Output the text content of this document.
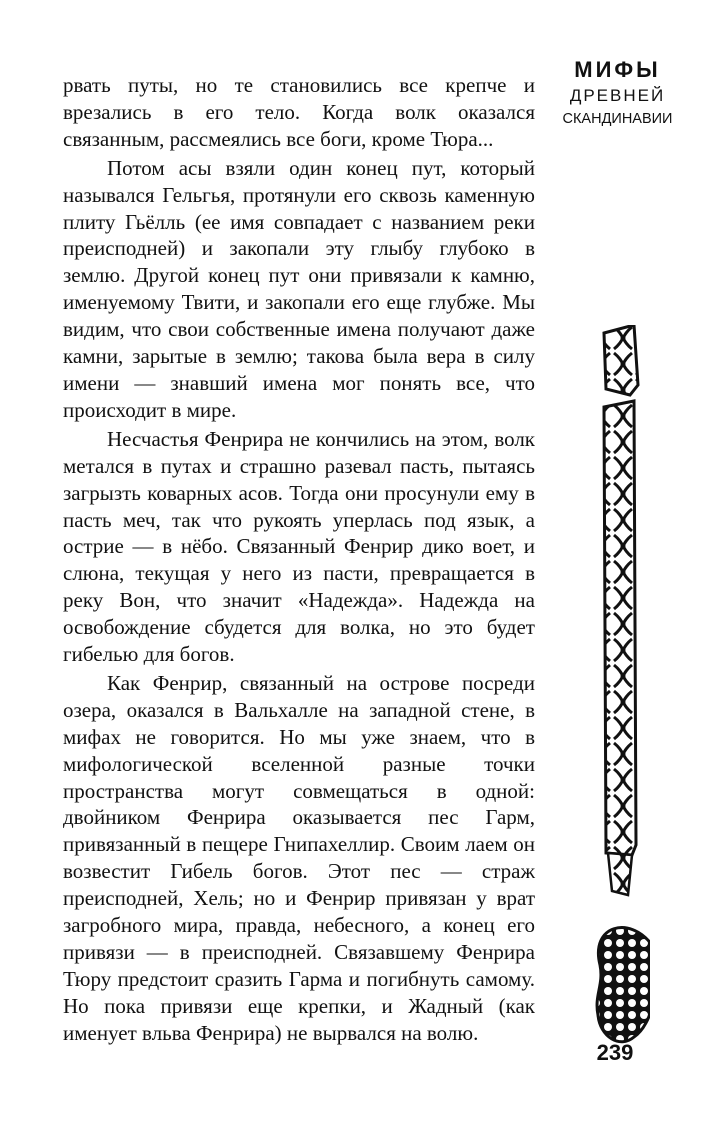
МИФЫ
ДРЕВНЕЙ
СКАНДИНАВИИ

рвать путы, но те становились все крепче и врезались в его тело. Когда волк оказался связанным, рассмеялись все боги, кроме Тюра...

Потом асы взяли один конец пут, который назывался Гельгья, протянули его сквозь каменную плиту Гьёлль (ее имя совпадает с названием реки преисподней) и закопали эту глыбу глубоко в землю. Другой конец пут они привязали к камню, именуемому Твити, и закопали его еще глубже. Мы видим, что свои собственные имена получают даже камни, зарытые в землю; такова была вера в силу имени — знавший имена мог понять все, что происходит в мире.

Несчастья Фенрира не кончились на этом, волк метался в путах и страшно разевал пасть, пытаясь загрызть коварных асов. Тогда они просунули ему в пасть меч, так что рукоять уперлась под язык, а острие — в нёбо. Связанный Фенрир дико воет, и слюна, текущая у него из пасти, превращается в реку Вон, что значит «Надежда». Надежда на освобождение сбудется для волка, но это будет гибелью для богов.

Как Фенрир, связанный на острове посреди озера, оказался в Вальхалле на западной стене, в мифах не говорится. Но мы уже знаем, что в мифологической вселенной разные точки пространства могут совмещаться в одной: двойником Фенрира оказывается пес Гарм, привязанный в пещере Гнипахеллир. Своим лаем он возвестит Гибель богов. Этот пес — страж преисподней, Хель; но и Фенрир привязан у врат загробного мира, правда, небесного, а конец его привязи — в преисподней. Связавшему Фенрира Тюру предстоит сразить Гарма и погибнуть самому. Но пока привязи еще крепки, и Жадный (как именует вльва Фенрира) не вырвался на волю.

239
